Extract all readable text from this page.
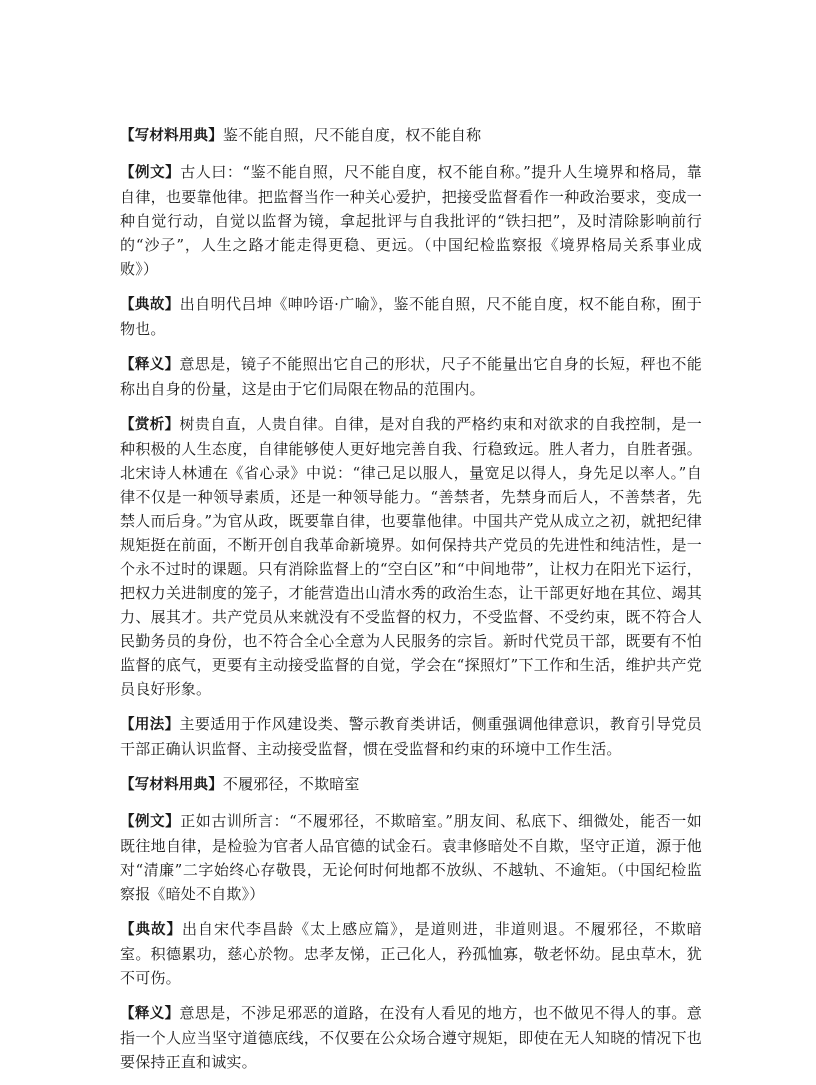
【写材料用典】鉴不能自照，尺不能自度，权不能自称

【例文】古人曰：“鉴不能自照，尺不能自度，权不能自称。”提升人生境界和格局，靠自律，也要靠他律。把监督当作一种关心爱护，把接受监督看作一种政治要求，变成一种自觉行动，自觉以监督为镜，拿起批评与自我批评的“铁扫把”，及时清除影响前行的“沙子”，人生之路才能走得更稳、更远。（中国纪检监察报《境界格局关系事业成败》）

【典故】出自明代吕坤《呻吟语·广喻》，鉴不能自照，尺不能自度，权不能自称，囿于物也。

【释义】意思是，镜子不能照出它自己的形状，尺子不能量出它自身的长短，秤也不能称出自身的份量，这是由于它们局限在物品的范围内。

【赏析】树贵自直，人贵自律。自律，是对自我的严格约束和对欲求的自我控制，是一种积极的人生态度，自律能够使人更好地完善自我、行稳致远。胜人者力，自胜者强。北宋诗人林逋在《省心录》中说：“律己足以服人，量宽足以得人，身先足以率人。”自律不仅是一种领导素质，还是一种领导能力。“善禁者，先禁身而后人，不善禁者，先禁人而后身。”为官从政，既要靠自律，也要靠他律。中国共产党从成立之初，就把纪律规矩挺在前面，不断开创自我革命新境界。如何保持共产党员的先进性和纯洁性，是一个永不过时的课题。只有消除监督上的“空白区”和“中间地带”，让权力在阳光下运行，把权力关进制度的笼子，才能营造出山清水秀的政治生态，让干部更好地在其位、竭其力、展其才。共产党员从来就没有不受监督的权力，不受监督、不受约束，既不符合人民勤务员的身份，也不符合全心全意为人民服务的宗旨。新时代党员干部，既要有不怕监督的底气，更要有主动接受监督的自觉，学会在“探照灯”下工作和生活，维护共产党员良好形象。

【用法】主要适用于作风建设类、警示教育类讲话，侧重强调他律意识，教育引导党员干部正确认识监督、主动接受监督，惯在受监督和约束的环境中工作生活。

【写材料用典】不履邪径，不欺暗室

【例文】正如古训所言：“不履邪径，不欺暗室。”朋友间、私底下、细微处，能否一如既往地自律，是检验为官者人品官德的试金石。袁聿修暗处不自欺，坚守正道，源于他对“清廉”二字始终心存敬畏，无论何时何地都不放纵、不越轨、不逾矩。（中国纪检监察报《暗处不自欺》）

【典故】出自宋代李昌龄《太上感应篇》，是道则进，非道则退。不履邪径，不欺暗室。积德累功，慈心於物。忠孝友悌，正己化人，矜孤恤寡，敬老怀幼。昆虫草木，犹不可伤。

【释义】意思是，不涉足邪恶的道路，在没有人看见的地方，也不做见不得人的事。意指一个人应当坚守道德底线，不仅要在公众场合遵守规矩，即使在无人知晓的情况下也要保持正直和诚实。
